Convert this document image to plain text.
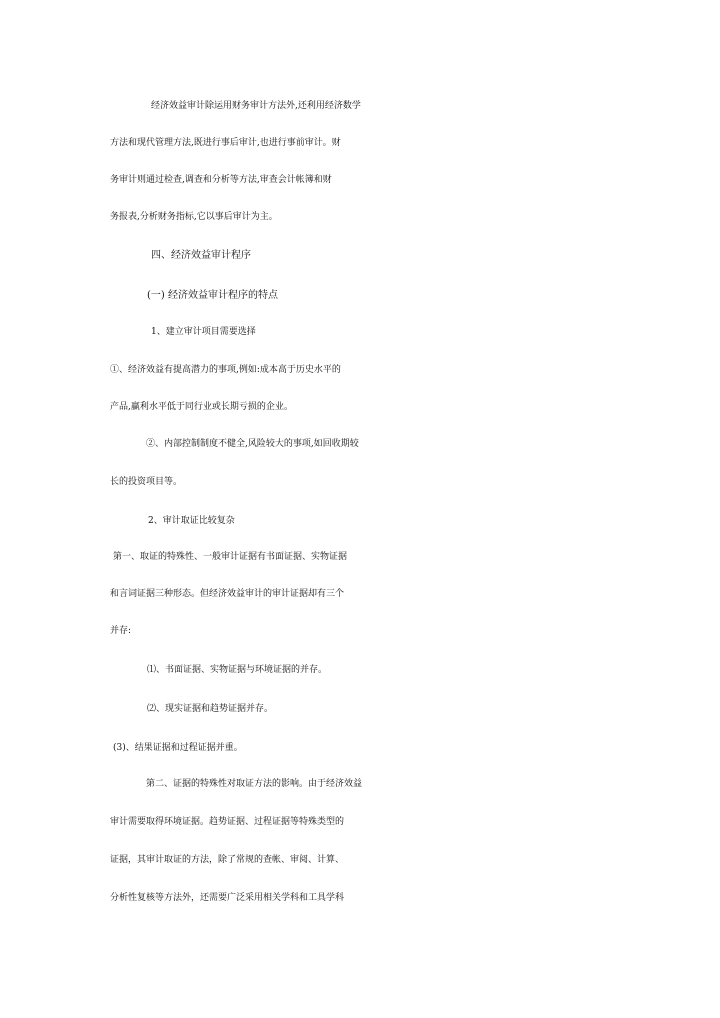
经济效益审计除运用财务审计方法外,还利用经济数学
方法和现代管理方法,既进行事后审计,也进行事前审计。财
务审计则通过检查,调查和分析等方法,审查会计帐簿和财
务报表,分析财务指标,它以事后审计为主。
四、经济效益审计程序
(一) 经济效益审计程序的特点
1、建立审计项目需要选择
①、经济效益有提高潜力的事项,例如:成本高于历史水平的
产品,赢利水平低于同行业或长期亏损的企业。
②、内部控制制度不健全,风险较大的事项,如回收期较
长的投资项目等。
2、审计取证比较复杂
第一、取证的特殊性、一般审计证据有书面证据、实物证据
和言词证据三种形态。但经济效益审计的审计证据却有三个
并存:
⑴、书面证据、实物证据与环境证据的并存。
⑵、现实证据和趋势证据并存。
(3)、结果证据和过程证据并重。
第二、证据的特殊性对取证方法的影响。由于经济效益
审计需要取得环境证据。趋势证据、过程证据等特殊类型的
证据，其审计取证的方法，除了常规的查帐、审阅、计算、
分析性复核等方法外，还需要广泛采用相关学科和工具学科
